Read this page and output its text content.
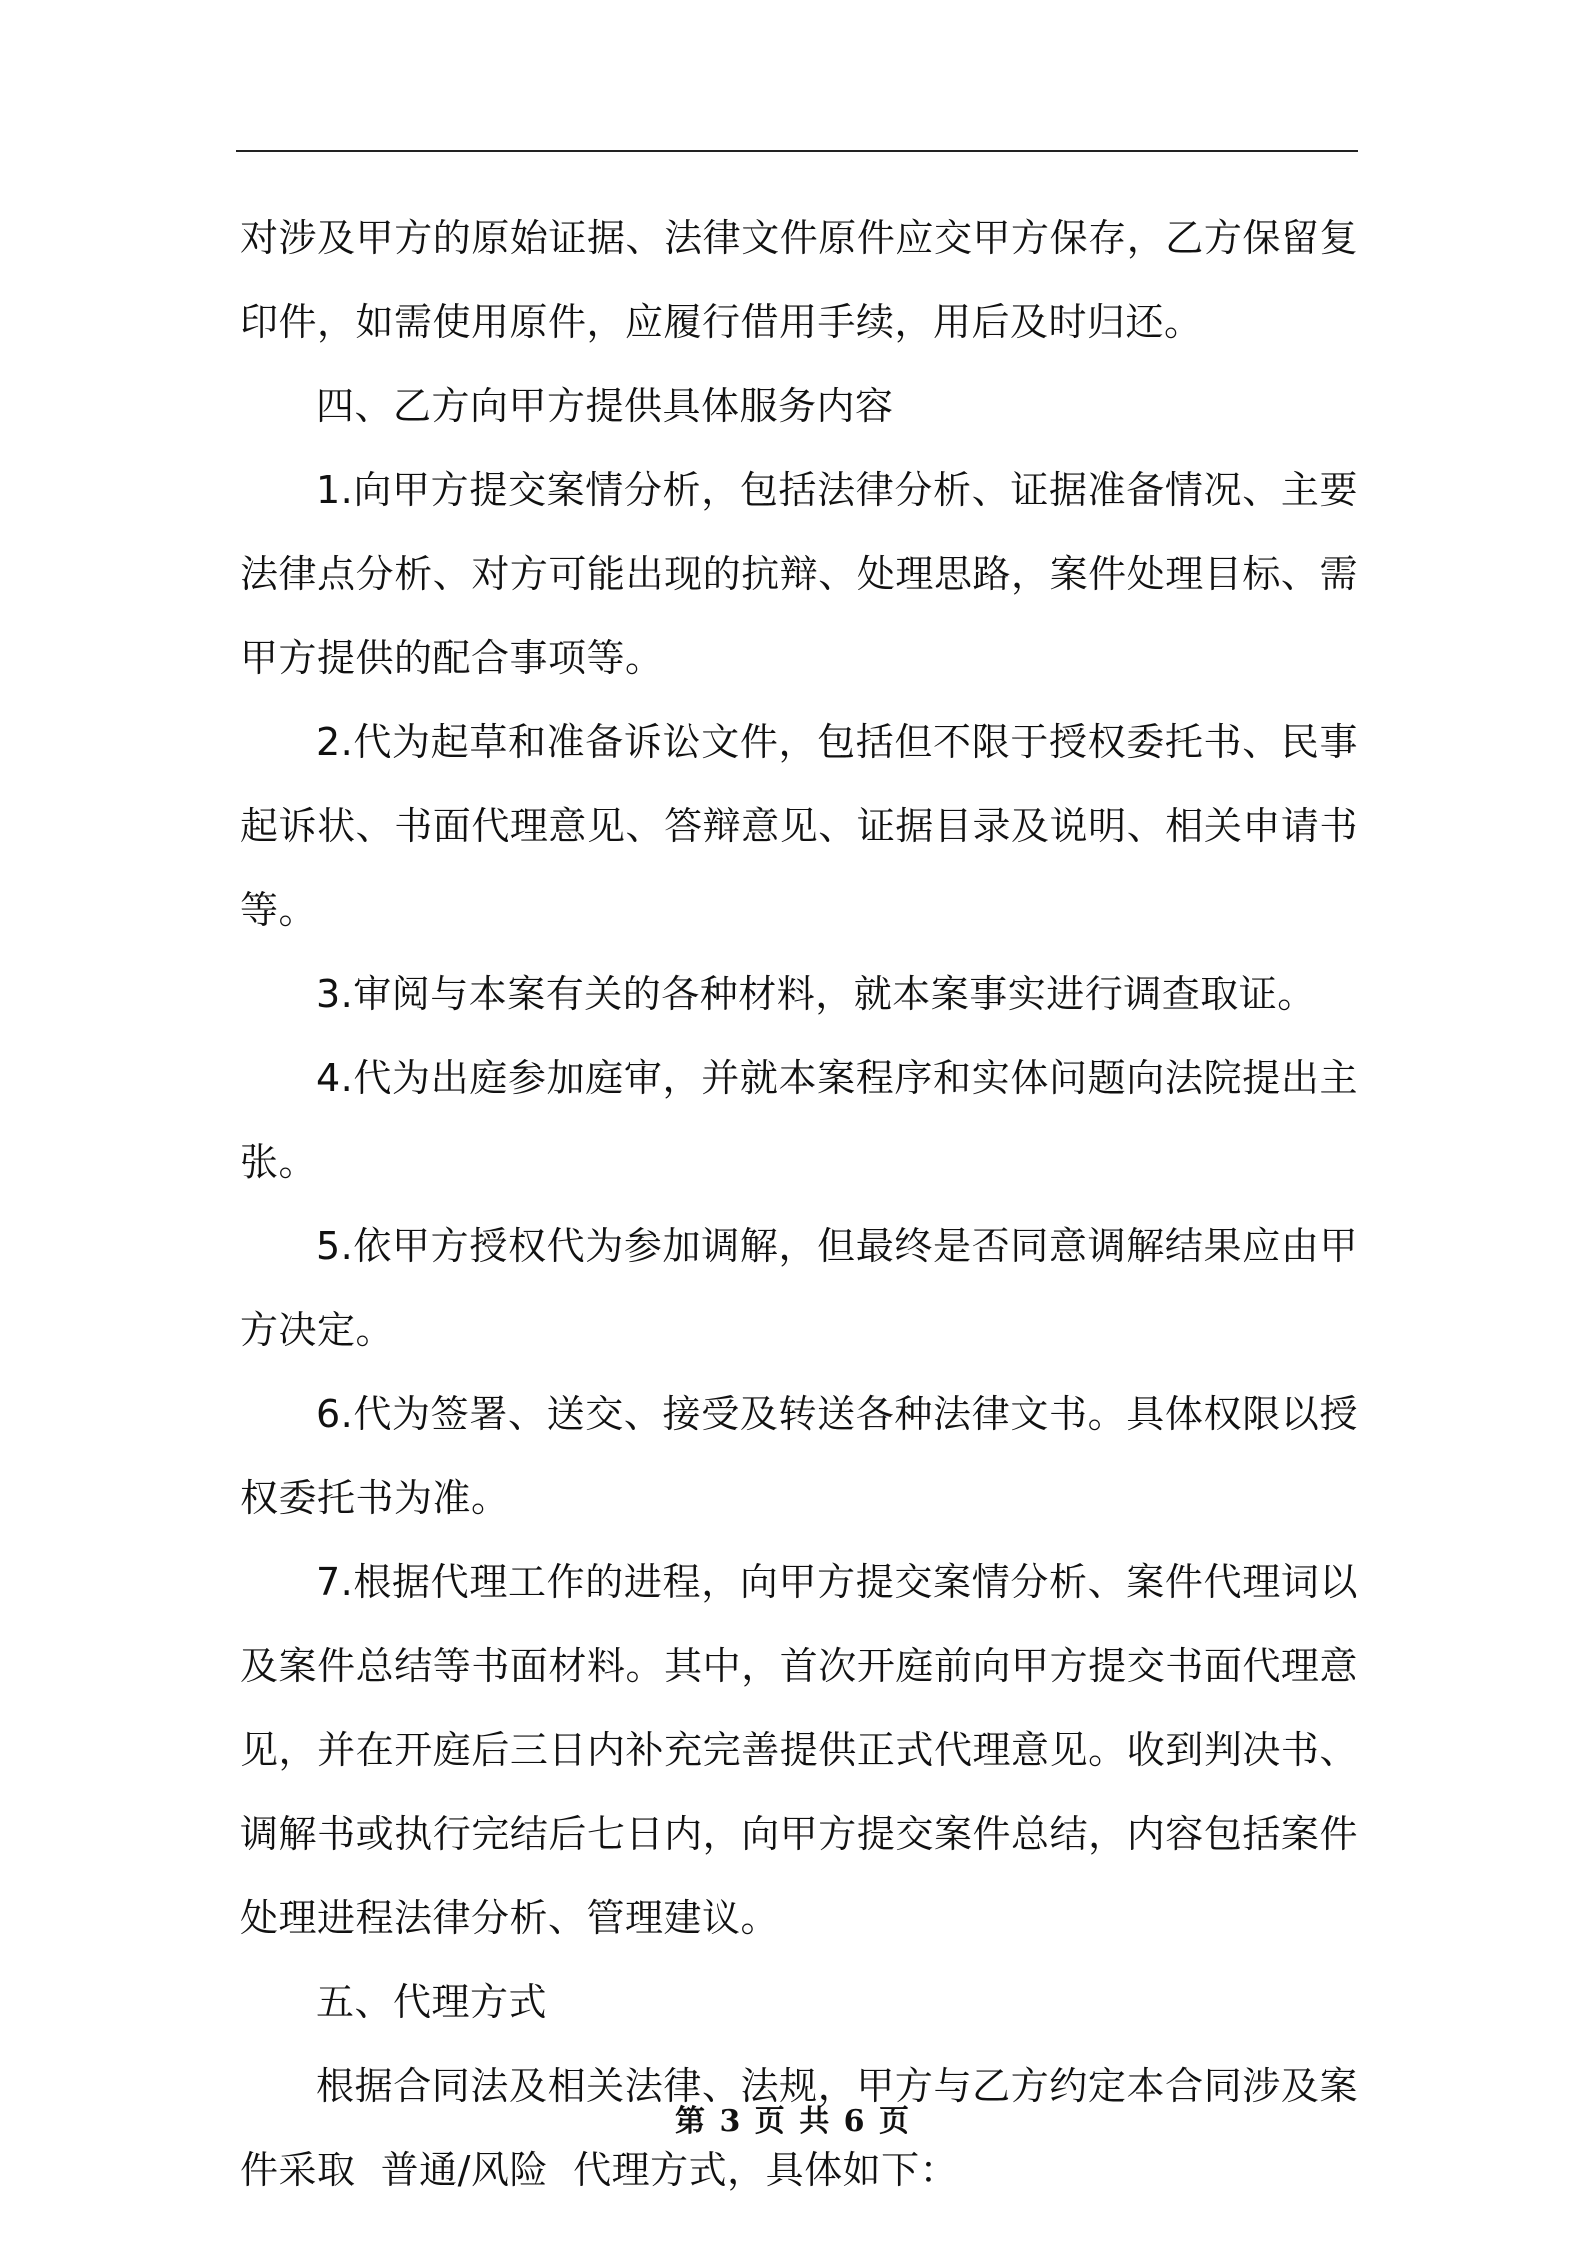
对涉及甲方的原始证据、法律文件原件应交甲方保存，乙方保留复印件，如需使用原件，应履行借用手续，用后及时归还。

四、乙方向甲方提供具体服务内容

1.向甲方提交案情分析，包括法律分析、证据准备情况、主要法律点分析、对方可能出现的抗辩、处理思路，案件处理目标、需甲方提供的配合事项等。

2.代为起草和准备诉讼文件，包括但不限于授权委托书、民事起诉状、书面代理意见、答辩意见、证据目录及说明、相关申请书等。

3.审阅与本案有关的各种材料，就本案事实进行调查取证。

4.代为出庭参加庭审，并就本案程序和实体问题向法院提出主张。

5.依甲方授权代为参加调解，但最终是否同意调解结果应由甲方决定。

6.代为签署、送交、接受及转送各种法律文书。具体权限以授权委托书为准。

7.根据代理工作的进程，向甲方提交案情分析、案件代理词以及案件总结等书面材料。其中，首次开庭前向甲方提交书面代理意见，并在开庭后三日内补充完善提供正式代理意见。收到判决书、调解书或执行完结后七日内，向甲方提交案件总结，内容包括案件处理进程法律分析、管理建议。

五、代理方式

根据合同法及相关法律、法规，甲方与乙方约定本合同涉及案件采取  普通/风险  代理方式，具体如下：

第 3 页 共 6 页
